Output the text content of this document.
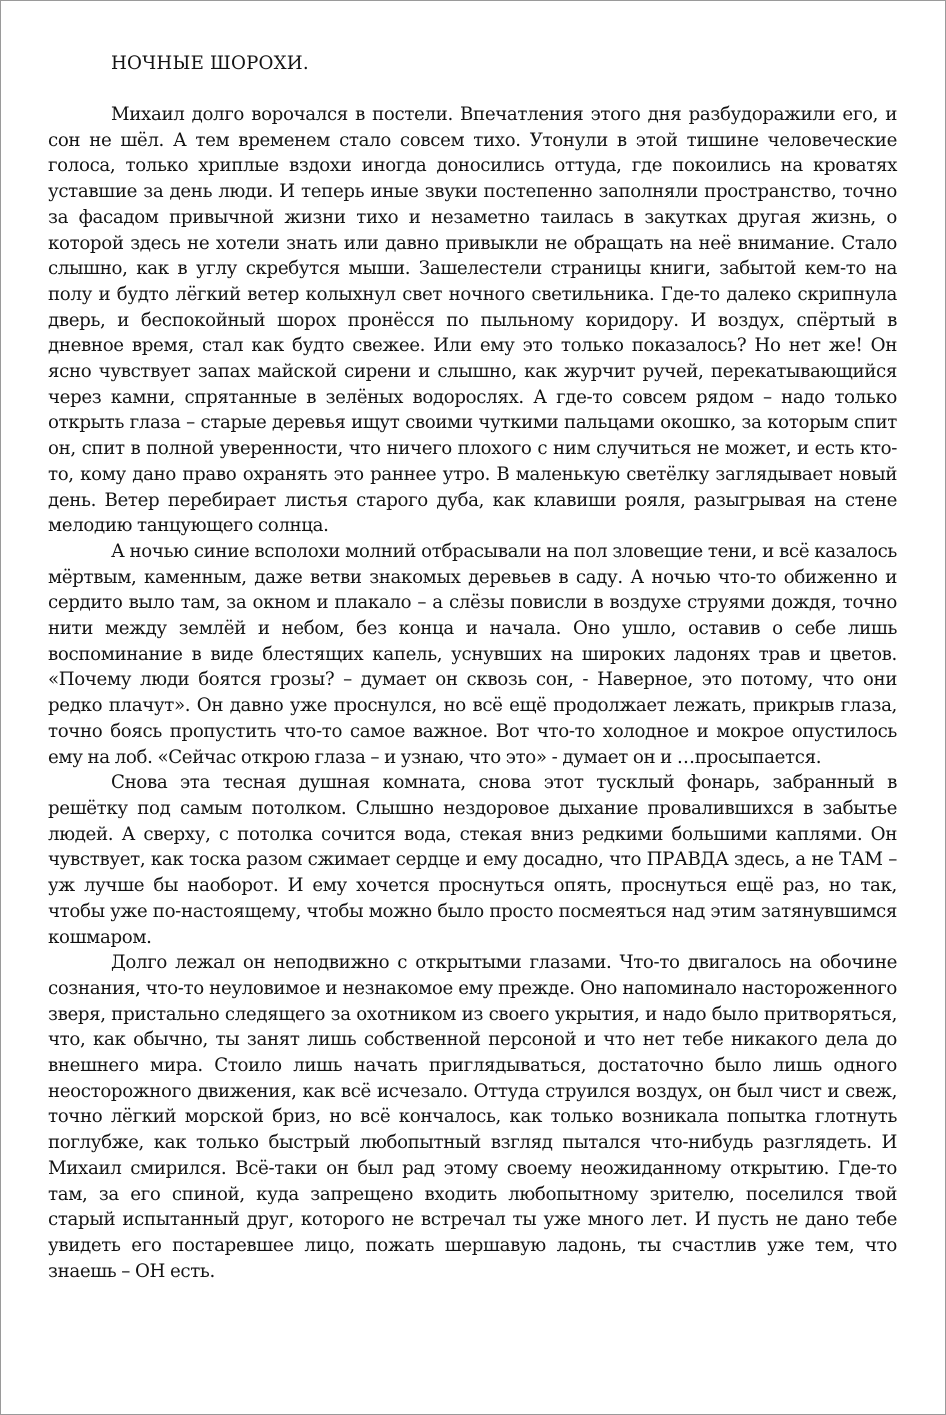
НОЧНЫЕ ШОРОХИ.

Михаил долго ворочался в постели. Впечатления этого дня разбудоражили его, и сон не шёл. А тем временем стало совсем тихо. Утонули в этой тишине человеческие голоса, только хриплые вздохи иногда доносились оттуда, где покоились на кроватях уставшие за день люди. И теперь иные звуки постепенно заполняли пространство, точно за фасадом привычной жизни тихо и незаметно таилась в закутках другая жизнь, о которой здесь не хотели знать или давно привыкли не обращать на неё внимание. Стало слышно, как в углу скребутся мыши. Зашелестели страницы книги, забытой кем-то на полу и будто лёгкий ветер колыхнул свет ночного светильника. Где-то далеко скрипнула дверь, и беспокойный шорох пронёсся по пыльному коридору. И воздух, спёртый в дневное время, стал как будто свежее. Или ему это только показалось? Но нет же! Он ясно чувствует запах майской сирени и слышно, как журчит ручей, перекатывающийся через камни, спрятанные в зелёных водорослях. А где-то совсем рядом – надо только открыть глаза – старые деревья ищут своими чуткими пальцами окошко, за которым спит он, спит в полной уверенности, что ничего плохого с ним случиться не может, и есть кто-то, кому дано право охранять это раннее утро. В маленькую светёлку заглядывает новый день. Ветер перебирает листья старого дуба, как клавиши рояля, разыгрывая на стене мелодию танцующего солнца.

А ночью синие всполохи молний отбрасывали на пол зловещие тени, и всё казалось мёртвым, каменным, даже ветви знакомых деревьев в саду. А ночью что-то обиженно и сердито выло там, за окном и плакало – а слёзы повисли в воздухе струями дождя, точно нити между землёй и небом, без конца и начала. Оно ушло, оставив о себе лишь воспоминание в виде блестящих капель, уснувших на широких ладонях трав и цветов. «Почему люди боятся грозы? – думает он сквозь сон, - Наверное, это потому, что они редко плачут». Он давно уже проснулся, но всё ещё продолжает лежать, прикрыв глаза, точно боясь пропустить что-то самое важное. Вот что-то холодное и мокрое опустилось ему на лоб. «Сейчас открою глаза – и узнаю, что это» - думает он и …просыпается.

Снова эта тесная душная комната, снова этот тусклый фонарь, забранный в решётку под самым потолком. Слышно нездоровое дыхание провалившихся в забытье людей. А сверху, с потолка сочится вода, стекая вниз редкими большими каплями. Он чувствует, как тоска разом сжимает сердце и ему досадно, что ПРАВДА здесь, а не ТАМ – уж лучше бы наоборот. И ему хочется проснуться опять, проснуться ещё раз, но так, чтобы уже по-настоящему, чтобы можно было просто посмеяться над этим затянувшимся кошмаром.

Долго лежал он неподвижно с открытыми глазами. Что-то двигалось на обочине сознания, что-то неуловимое и незнакомое ему прежде. Оно напоминало настороженного зверя, пристально следящего за охотником из своего укрытия, и надо было притворяться, что, как обычно, ты занят лишь собственной персоной и что нет тебе никакого дела до внешнего мира. Стоило лишь начать приглядываться, достаточно было лишь одного неосторожного движения, как всё исчезало. Оттуда струился воздух, он был чист и свеж, точно лёгкий морской бриз, но всё кончалось, как только возникала попытка глотнуть поглубже, как только быстрый любопытный взгляд пытался что-нибудь разглядеть. И Михаил смирился. Всё-таки он был рад этому своему неожиданному открытию. Где-то там, за его спиной, куда запрещено входить любопытному зрителю, поселился твой старый испытанный друг, которого не встречал ты уже много лет. И пусть не дано тебе увидеть его постаревшее лицо, пожать шершавую ладонь, ты счастлив уже тем, что знаешь – ОН есть.
